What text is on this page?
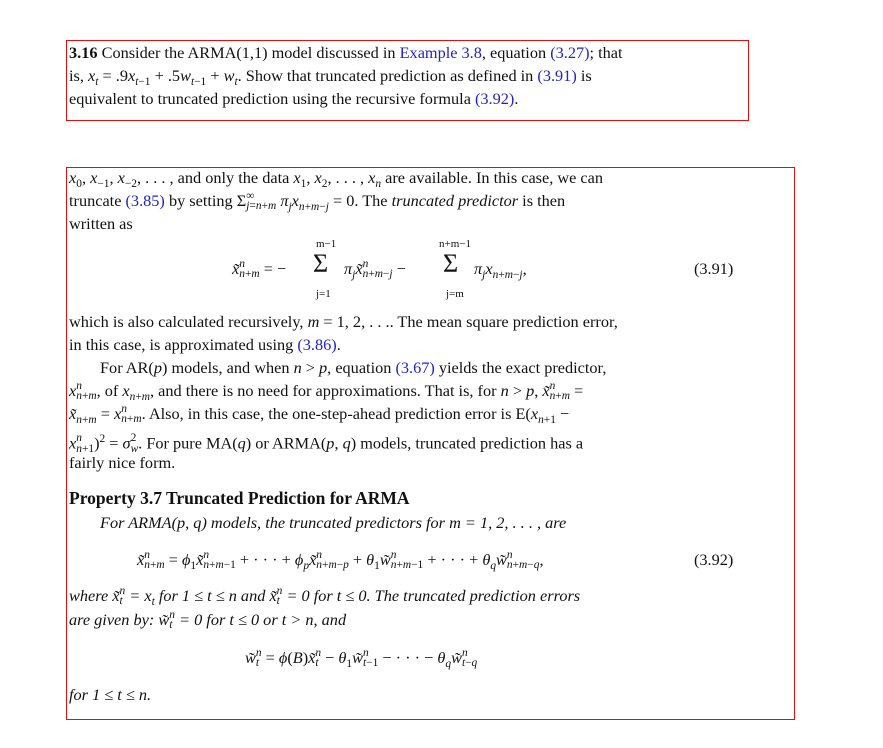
3.16 Consider the ARMA(1,1) model discussed in Example 3.8, equation (3.27); that
is, $x_t = .9x_{t-1} + .5w_{t-1} + w_t$. Show that truncated prediction as defined in (3.91) is
equivalent to truncated prediction using the recursive formula (3.92).
$x_0$, $x_{-1}$, $x_{-2}$, . . . , and only the data $x_1$, $x_2$, . . . , $x_n$ are available. In this case, we can
truncate (3.85) by setting Σ ∞
j=n+m $\pi_jx_{n+m-j} = 0$. The truncated predictor is then
written as
m−1	n+m−1
x̃ n
n+m = − Σ $\pi_jx̃$ n
n+m−j − Σ $\pi_jx_{n+m-j}$,
j=1	j=m
(3.91)
which is also calculated recursively, m = 1, 2, . . .. The mean square prediction error,
in this case, is approximated using (3.86).
For AR(p) models, and when n > p, equation (3.67) yields the exact predictor,
x n
n+m , of $x_{n+m}$, and there is no need for approximations. That is, for n > p, x̃ n
n+m =
$x̃_{n+m} = x$ n
n+m . Also, in this case, the one-step-ahead prediction error is $E(x_{n+1}$ −
x n
n+1 )$^2$ = σ 2
w . For pure MA(q) or ARMA(p, q) models, truncated prediction has a
fairly nice form.
Property 3.7 Truncated Prediction for ARMA
For ARMA(p, q) models, the truncated predictors for m = 1, 2, . . . , are
x̃ n
$n+m = \phi_1x̃$ n
n+m−1 + · · · + $\phi_px̃$ n
$n+m-p + \theta_1w̃$ n
n+m−1 + · · · + $\theta_qw̃$ n
n+m−q ,	(3.92)
where x̃ n
$t = x_t$ for 1 ≤ t ≤ n and x̃ n
t = 0 for t ≤ 0. The truncated prediction errors
are given by: w̃ n
t = 0 for t ≤ 0 or t > n, and
w̃ n
t = ϕ(B)x̃ n
$t - \theta_1w̃$ n
t−1 − · · · − $\theta_qw̃$ n
t−q
for 1 ≤ t ≤ n.
